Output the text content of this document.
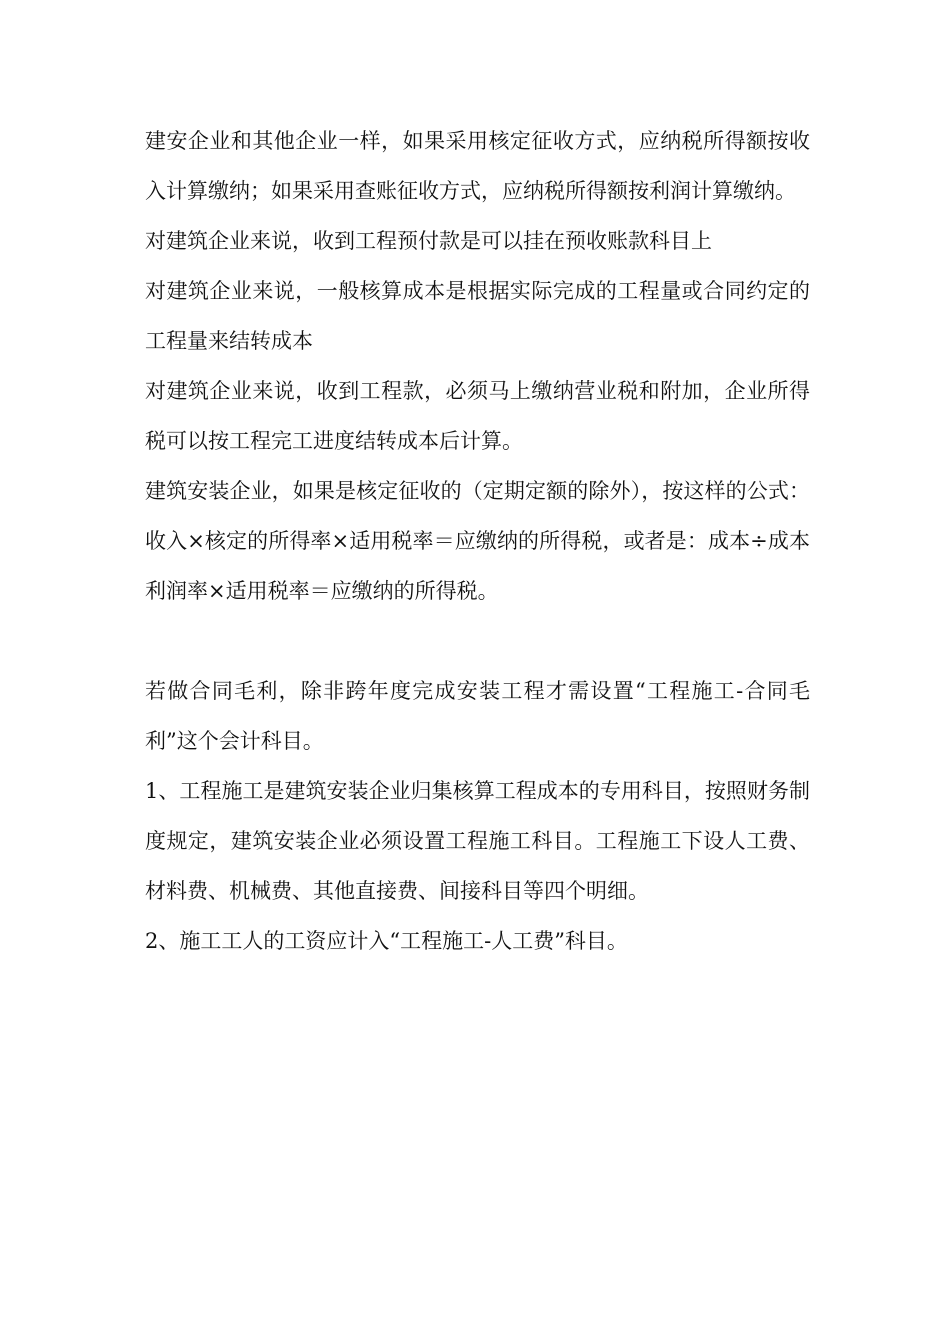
建安企业和其他企业一样，如果采用核定征收方式，应纳税所得额按收入计算缴纳；如果采用查账征收方式，应纳税所得额按利润计算缴纳。

对建筑企业来说，收到工程预付款是可以挂在预收账款科目上

对建筑企业来说，一般核算成本是根据实际完成的工程量或合同约定的工程量来结转成本

对建筑企业来说，收到工程款，必须马上缴纳营业税和附加，企业所得税可以按工程完工进度结转成本后计算。

建筑安装企业，如果是核定征收的（定期定额的除外），按这样的公式：收入×核定的所得率×适用税率＝应缴纳的所得税，或者是：成本÷成本利润率×适用税率＝应缴纳的所得税。

若做合同毛利，除非跨年度完成安装工程才需设置“工程施工-合同毛利”这个会计科目。

1、工程施工是建筑安装企业归集核算工程成本的专用科目，按照财务制度规定，建筑安装企业必须设置工程施工科目。工程施工下设人工费、材料费、机械费、其他直接费、间接科目等四个明细。

2、施工工人的工资应计入“工程施工-人工费”科目。
